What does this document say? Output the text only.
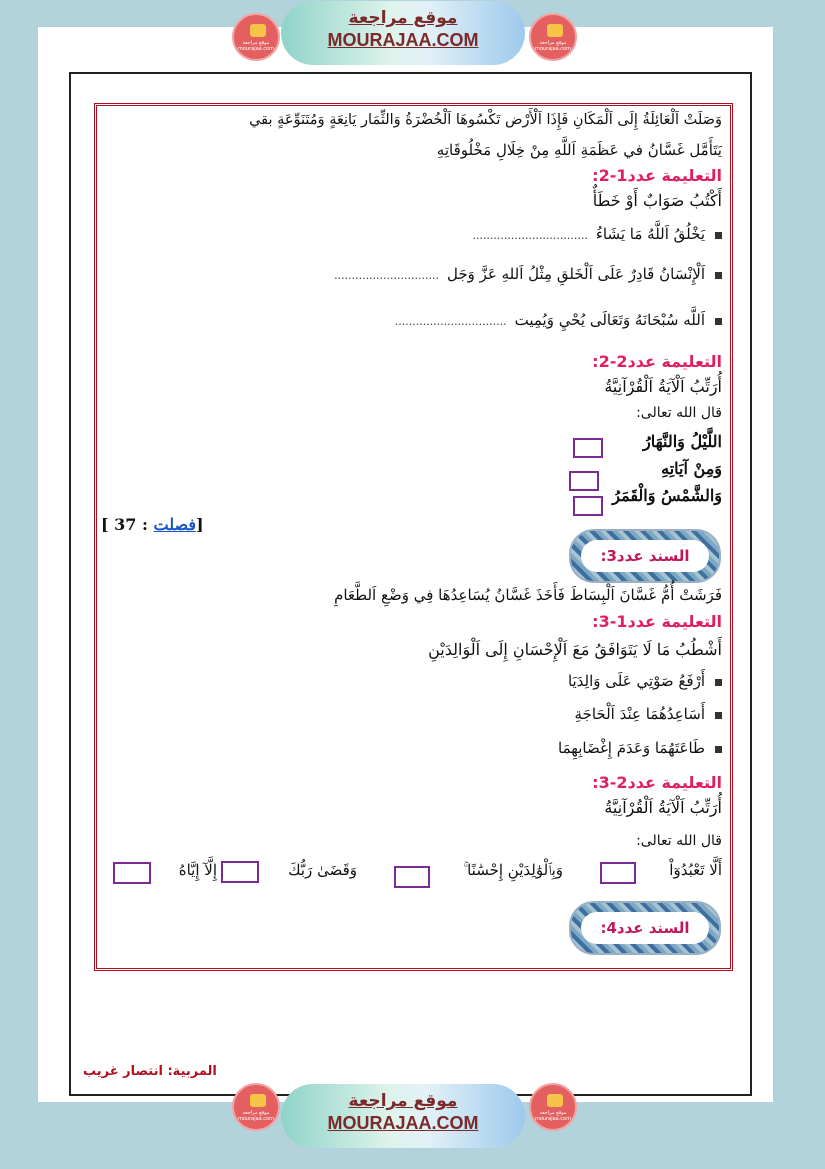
موقع مراجعة mourajaa.com
موقع مراجعة
MOURAJAA.COM	موقع مراجعة mourajaa.com
وَصَلَتْ اَلْعَائِلَةُ إِلَى اَلْمَكَانِ فَإِذَا اَلْأَرْض تَكْسُوهَا اَلْخُضْرَةُ وَالثِّمَار يَانِعَةٍ وَمُتَنَوِّعَةٍ بقي
يَتَأَمَّل غَسَّانُ في عَظَمَةِ اَللَّهِ مِنْ خِلَالِ مَخْلُوقَاتِهِ
التعليمة عدد1-2:
أَكْتُبُ صَوَابٌ أَوْ خَطَأٌ
يَخْلُقُ اَللَّهُ مَا يَشَاءُ.................................
اَلْإِنْسَانُ قَادِرٌ عَلَى اَلْخَلقِ مِثْلُ اَللهِ عَزَّ وَجَل..............................
اَللَّه سُبْحَانَهُ وَتَعَالَى يُحْيِ وَيُمِيت................................
التعليمة عدد2-2:
أُرَتِّبُ اَلْآيَةُ اَلْقُرْآنِيَّةُ
قال الله تعالى:
اللَّيْلُ وَالنَّهَارُ
وَمِنْ آيَاتِهِ
وَالشَّمْسُ وَالْقَمَرُ
[	فصلت : 37	]
السند عدد3:
فَرَشَتْ أُمُّ غَسَّانَ اَلْبِسَاطَ فَأَخَذَ غَسَّانُ يُسَاعِدُهَا فِي وَضْعِ اَلطَّعَامِ
التعليمة عدد1-3:
أَشْطُبُ مَا لَا يَتَوَافَقُ مَعَ اَلْإِحْسَانِ إِلَى اَلْوَالِدَيْنِ
أَرْفَعُ صَوْتِي عَلَى وَالِدَيَا
أَسَاعِدُهُمَا عِنْدَ اَلْحَاجَةِ
طَاعَتَهُمَا وَعَدَمَ إِغْضَابِهِمَا
التعليمة عدد2-3:
أُرَتِّبُ اَلْآيَةُ اَلْقُرْآنِيَّةُ
قال الله تعالى:
أَلَّا تَعْبُدُوٓاْ
وَبِٱلْوَٰلِدَيْنِ إِحْسَٰنًا ۚ
وَقَضَىٰ رَبُّكَ
إِلَّآ إِيَّاهُ
السند عدد4:
المربية: انتصار غريب
موقع مراجعة mourajaa.com
موقع مراجعة
MOURAJAA.COM	موقع مراجعة mourajaa.com
